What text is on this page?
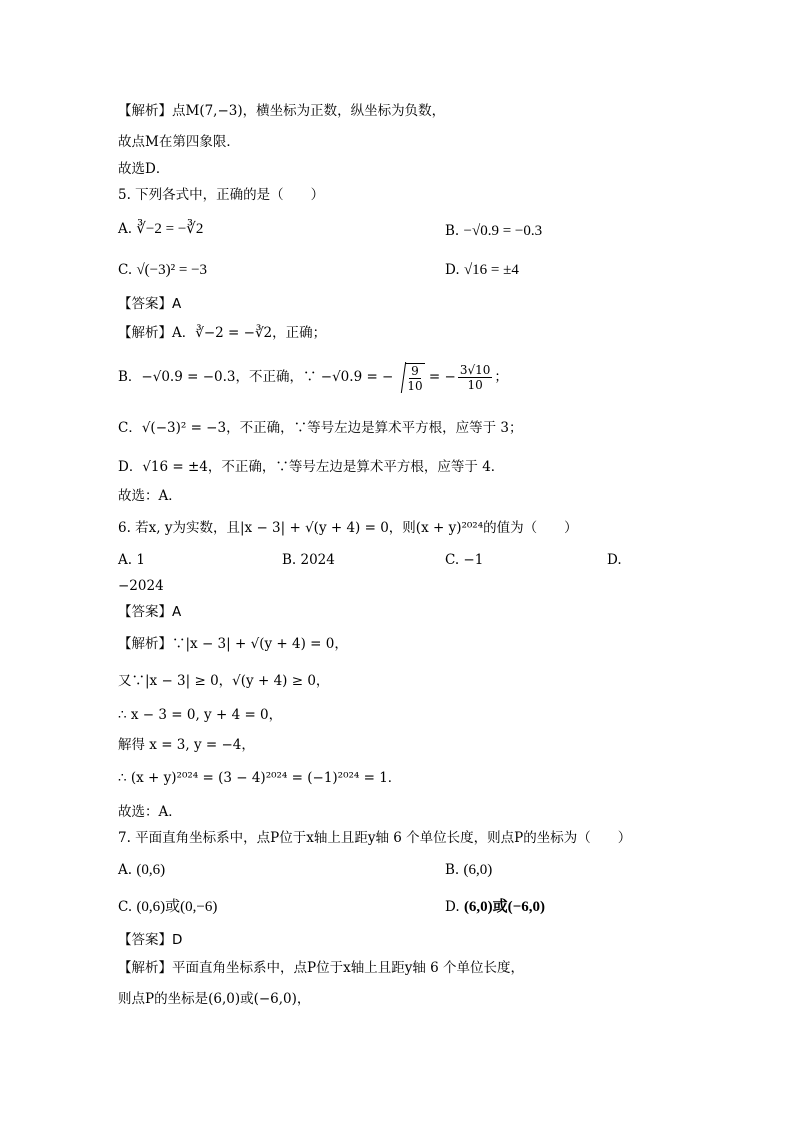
【解析】点M(7,−3)，横坐标为正数，纵坐标为负数，
故点M在第四象限．
故选D．
5. 下列各式中，正确的是（　　）
A. ∛−2 = −∛2	B. −√0.9 = −0.3
C. √(−3)² = −3	D. √16 = ±4
【答案】A
【解析】A．∛−2 = −∛2，正确；
B．−√0.9 = −0.3，不正确，∵ −√0.9 = − $\frac{9}{10}$ = − $\frac{3√10}{10}$ ；
C．√(−3)² = −3，不正确，∵等号左边是算术平方根，应等于 3；
D．√16 = ±4，不正确，∵等号左边是算术平方根，应等于 4．
故选：A．
6. 若x, y为实数，且|x − 3| + √(y + 4) = 0，则(x + y)²⁰²⁴的值为（　　）
A. 1	B. 2024	C. −1	D.
−2024
【答案】A
【解析】∵|x − 3| + √(y + 4) = 0，
又∵|x − 3| ≥ 0，√(y + 4) ≥ 0，
∴ x − 3 = 0, y + 4 = 0，
解得 x = 3, y = −4，
∴ (x + y)²⁰²⁴ = (3 − 4)²⁰²⁴ = (−1)²⁰²⁴ = 1．
故选：A．
7. 平面直角坐标系中，点P位于x轴上且距y轴 6 个单位长度，则点P的坐标为（　　）
A. (0,6)	B. (6,0)
C. (0,6)或(0,−6)	D. (6,0)或(−6,0)
【答案】D
【解析】平面直角坐标系中，点P位于x轴上且距y轴 6 个单位长度，
则点P的坐标是(6,0)或(−6,0)，
